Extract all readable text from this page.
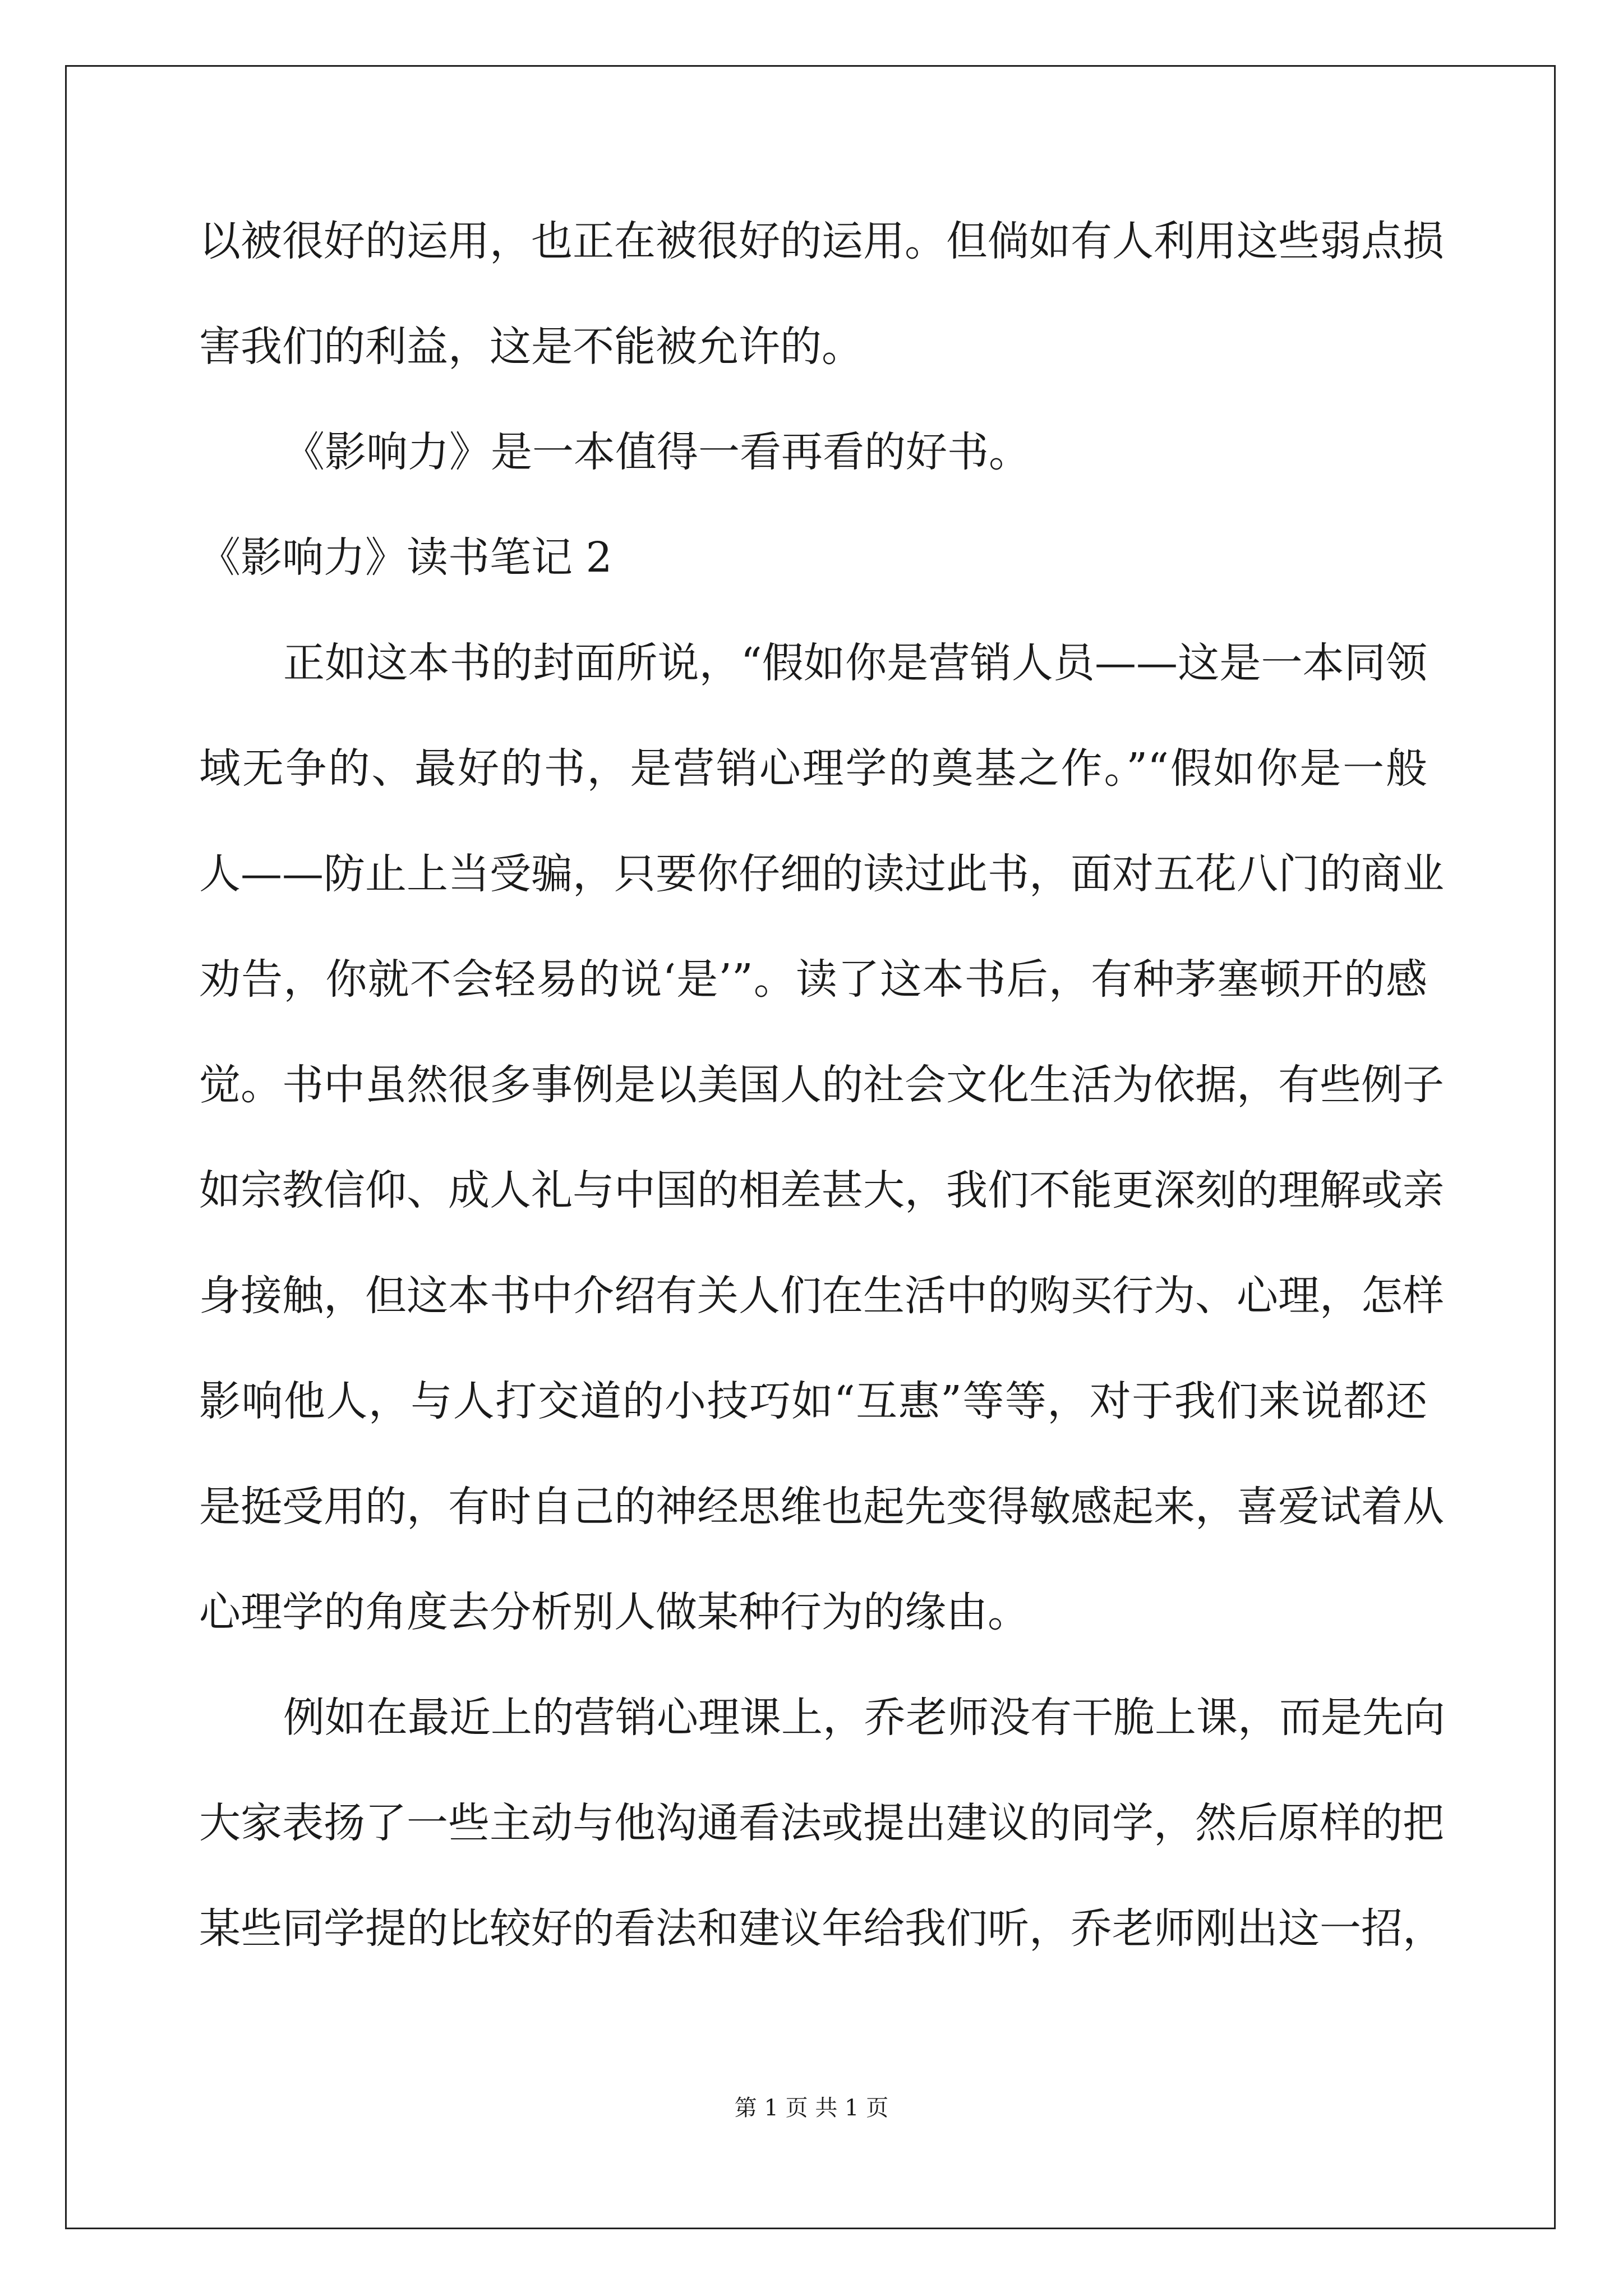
以被很好的运用，也正在被很好的运用。但倘如有人利用这些弱点损
害我们的利益，这是不能被允许的。
《影响力》是一本值得一看再看的好书。
《影响力》读书笔记 2
正如这本书的封面所说，“假如你是营销人员——这是一本同领
域无争的、最好的书，是营销心理学的奠基之作。”“假如你是一般
人——防止上当受骗，只要你仔细的读过此书，面对五花八门的商业
劝告，你就不会轻易的说‘是’”。读了这本书后，有种茅塞顿开的感
觉。书中虽然很多事例是以美国人的社会文化生活为依据，有些例子
如宗教信仰、成人礼与中国的相差甚大，我们不能更深刻的理解或亲
身接触，但这本书中介绍有关人们在生活中的购买行为、心理，怎样
影响他人，与人打交道的小技巧如“互惠”等等，对于我们来说都还
是挺受用的，有时自己的神经思维也起先变得敏感起来，喜爱试着从
心理学的角度去分析别人做某种行为的缘由。
例如在最近上的营销心理课上，乔老师没有干脆上课，而是先向
大家表扬了一些主动与他沟通看法或提出建议的同学，然后原样的把
某些同学提的比较好的看法和建议年给我们听，乔老师刚出这一招，
第 1 页 共 1 页
